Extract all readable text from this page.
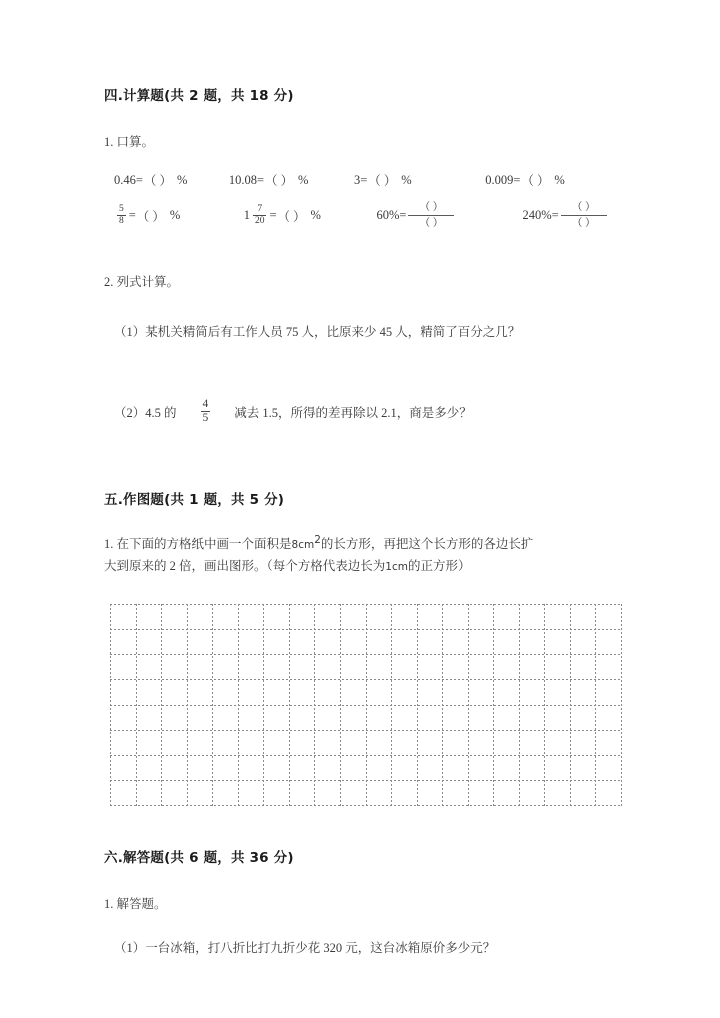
四.计算题(共 2 题，共 18 分)
1. 口算。
0.46= （ ） %	10.08= （ ） %	3= （ ） %	0.009= （ ） %
$\frac{5}{8}$ = （ ） %	$1 \frac{7}{20}$ = （ ） %	$60\% = \frac{( )}{( )}$	$240\% = \frac{( )}{( )}$
2. 列式计算。
（1）某机关精简后有工作人员 75 人，比原来少 45 人，精简了百分之几？
（2） 4.5 的 $\frac{4}{5}$ 减去 1.5，所得的差再除以 2.1，商是多少？
五.作图题(共 1 题，共 5 分)
1. 在下面的方格纸中画一个面积是$8cm^2$的长方形，再把这个长方形的各边长扩
大到原来的 2 倍，画出图形。（每个方格代表边长为1cm的正方形）
六.解答题(共 6 题，共 36 分)
1. 解答题。
（1）一台冰箱，打八折比打九折少花 320 元，这台冰箱原价多少元？
